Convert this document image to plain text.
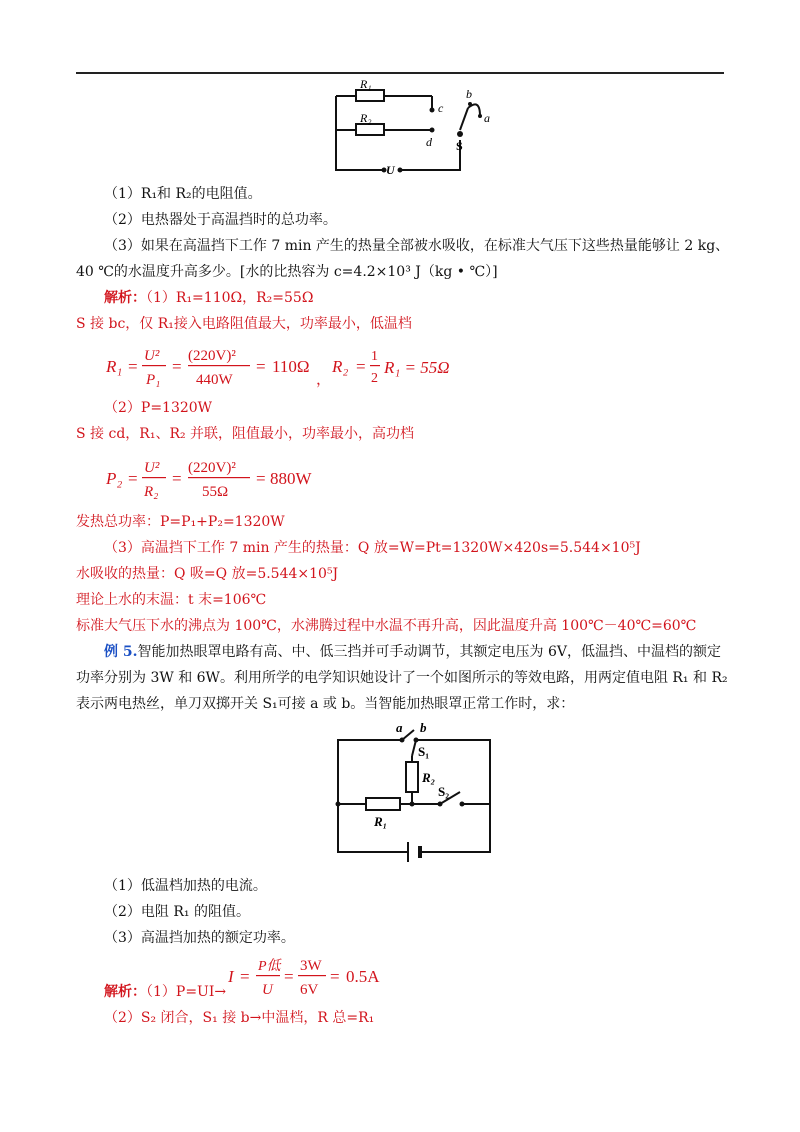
R₁
R₂
c
d
b
a
S
U
（1）R₁和 R₂的电阻值。
（2）电热器处于高温挡时的总功率。
（3）如果在高温挡下工作 7 min 产生的热量全部被水吸收，在标准大气压下这些热量能够让 2 kg、
40 ℃的水温度升高多少。[水的比热容为 c=4.2×10³ J（kg • ℃）]
解析：（1）R₁=110Ω，R₂=55Ω
S 接 bc，仅 R₁接入电路阻值最大，功率最小，低温档
R₁ =
U²
P₁
=
(220V)²
440W
= 110Ω
，
R₂ =
1
2
R₁ = 55Ω
（2）P=1320W
S 接 cd，R₁、R₂ 并联，阻值最小，功率最小，高功档
P₂ =
U²
R₂
=
(220V)²
55Ω
= 880W
发热总功率：P=P₁+P₂=1320W
（3）高温挡下工作 7 min 产生的热量：Q 放=W=Pt=1320W×420s=5.544×10⁵J
水吸收的热量：Q 吸=Q 放=5.544×10⁵J
理论上水的末温：t 末=106℃
标准大气压下水的沸点为 100℃，水沸腾过程中水温不再升高，因此温度升高 100℃－40℃=60℃
例 5.智能加热眼罩电路有高、中、低三挡并可手动调节，其额定电压为 6V，低温挡、中温档的额定
功率分别为 3W 和 6W。利用所学的电学知识她设计了一个如图所示的等效电路，用两定值电阻 R₁ 和 R₂
表示两电热丝，单刀双掷开关 S₁可接 a 或 b。当智能加热眼罩正常工作时，求：
a b
S₁
R₂
S₂
R₁
（1）低温档加热的电流。
（2）电阻 R₁ 的阻值。
（3）高温挡加热的额定功率。
I =
P低
U
=
3W
6V
= 0.5A
解析：（1）P=UI→
（2）S₂ 闭合，S₁ 接 b→中温档，R 总=R₁
